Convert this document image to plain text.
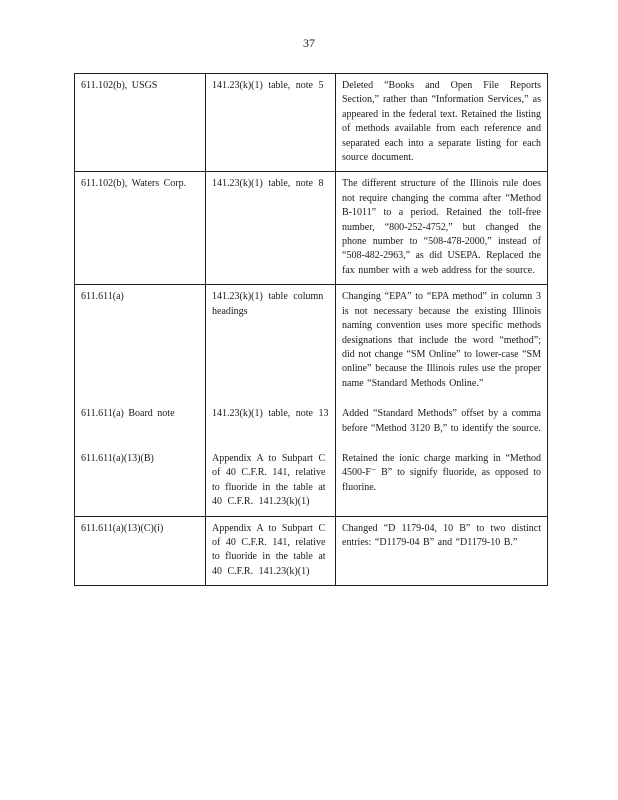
37
611.102(b), USGS	141.23(k)(1) table, note 5	Deleted “Books and Open File Reports Section,” rather than “Information Services,” as appeared in the federal text. Retained the listing of methods available from each reference and separated each into a separate listing for each source document.
611.102(b), Waters Corp.	141.23(k)(1) table, note 8	The different structure of the Illinois rule does not require changing the comma after “Method B-1011” to a period. Retained the toll-free number, “800-252-4752,” but changed the phone number to “508-478-2000,” instead of “508-482-2963,” as did USEPA. Replaced the fax number with a web address for the source.
611.611(a)	141.23(k)(1) table column headings	Changing “EPA” to “EPA method” in column 3 is not necessary because the existing Illinois naming convention uses more specific methods designations that include the word “method”; did not change “SM Online” to lower-case “SM online” because the Illinois rules use the proper name “Standard Methods Online.”
611.611(a) Board note	141.23(k)(1) table, note 13	Added “Standard Methods” offset by a comma before “Method 3120 B,” to identify the source.
611.611(a)(13)(B)	Appendix A to Subpart C of 40 C.F.R. 141, relative to fluoride in the table at 40 C.F.R. 141.23(k)(1)	Retained the ionic charge marking in “Method 4500-F⁻ B” to signify fluoride, as opposed to fluorine.
611.611(a)(13)(C)(i)	Appendix A to Subpart C of 40 C.F.R. 141, relative to fluoride in the table at 40 C.F.R. 141.23(k)(1)	Changed “D 1179-04, 10 B” to two distinct entries: “D1179-04 B” and “D1179-10 B.”
